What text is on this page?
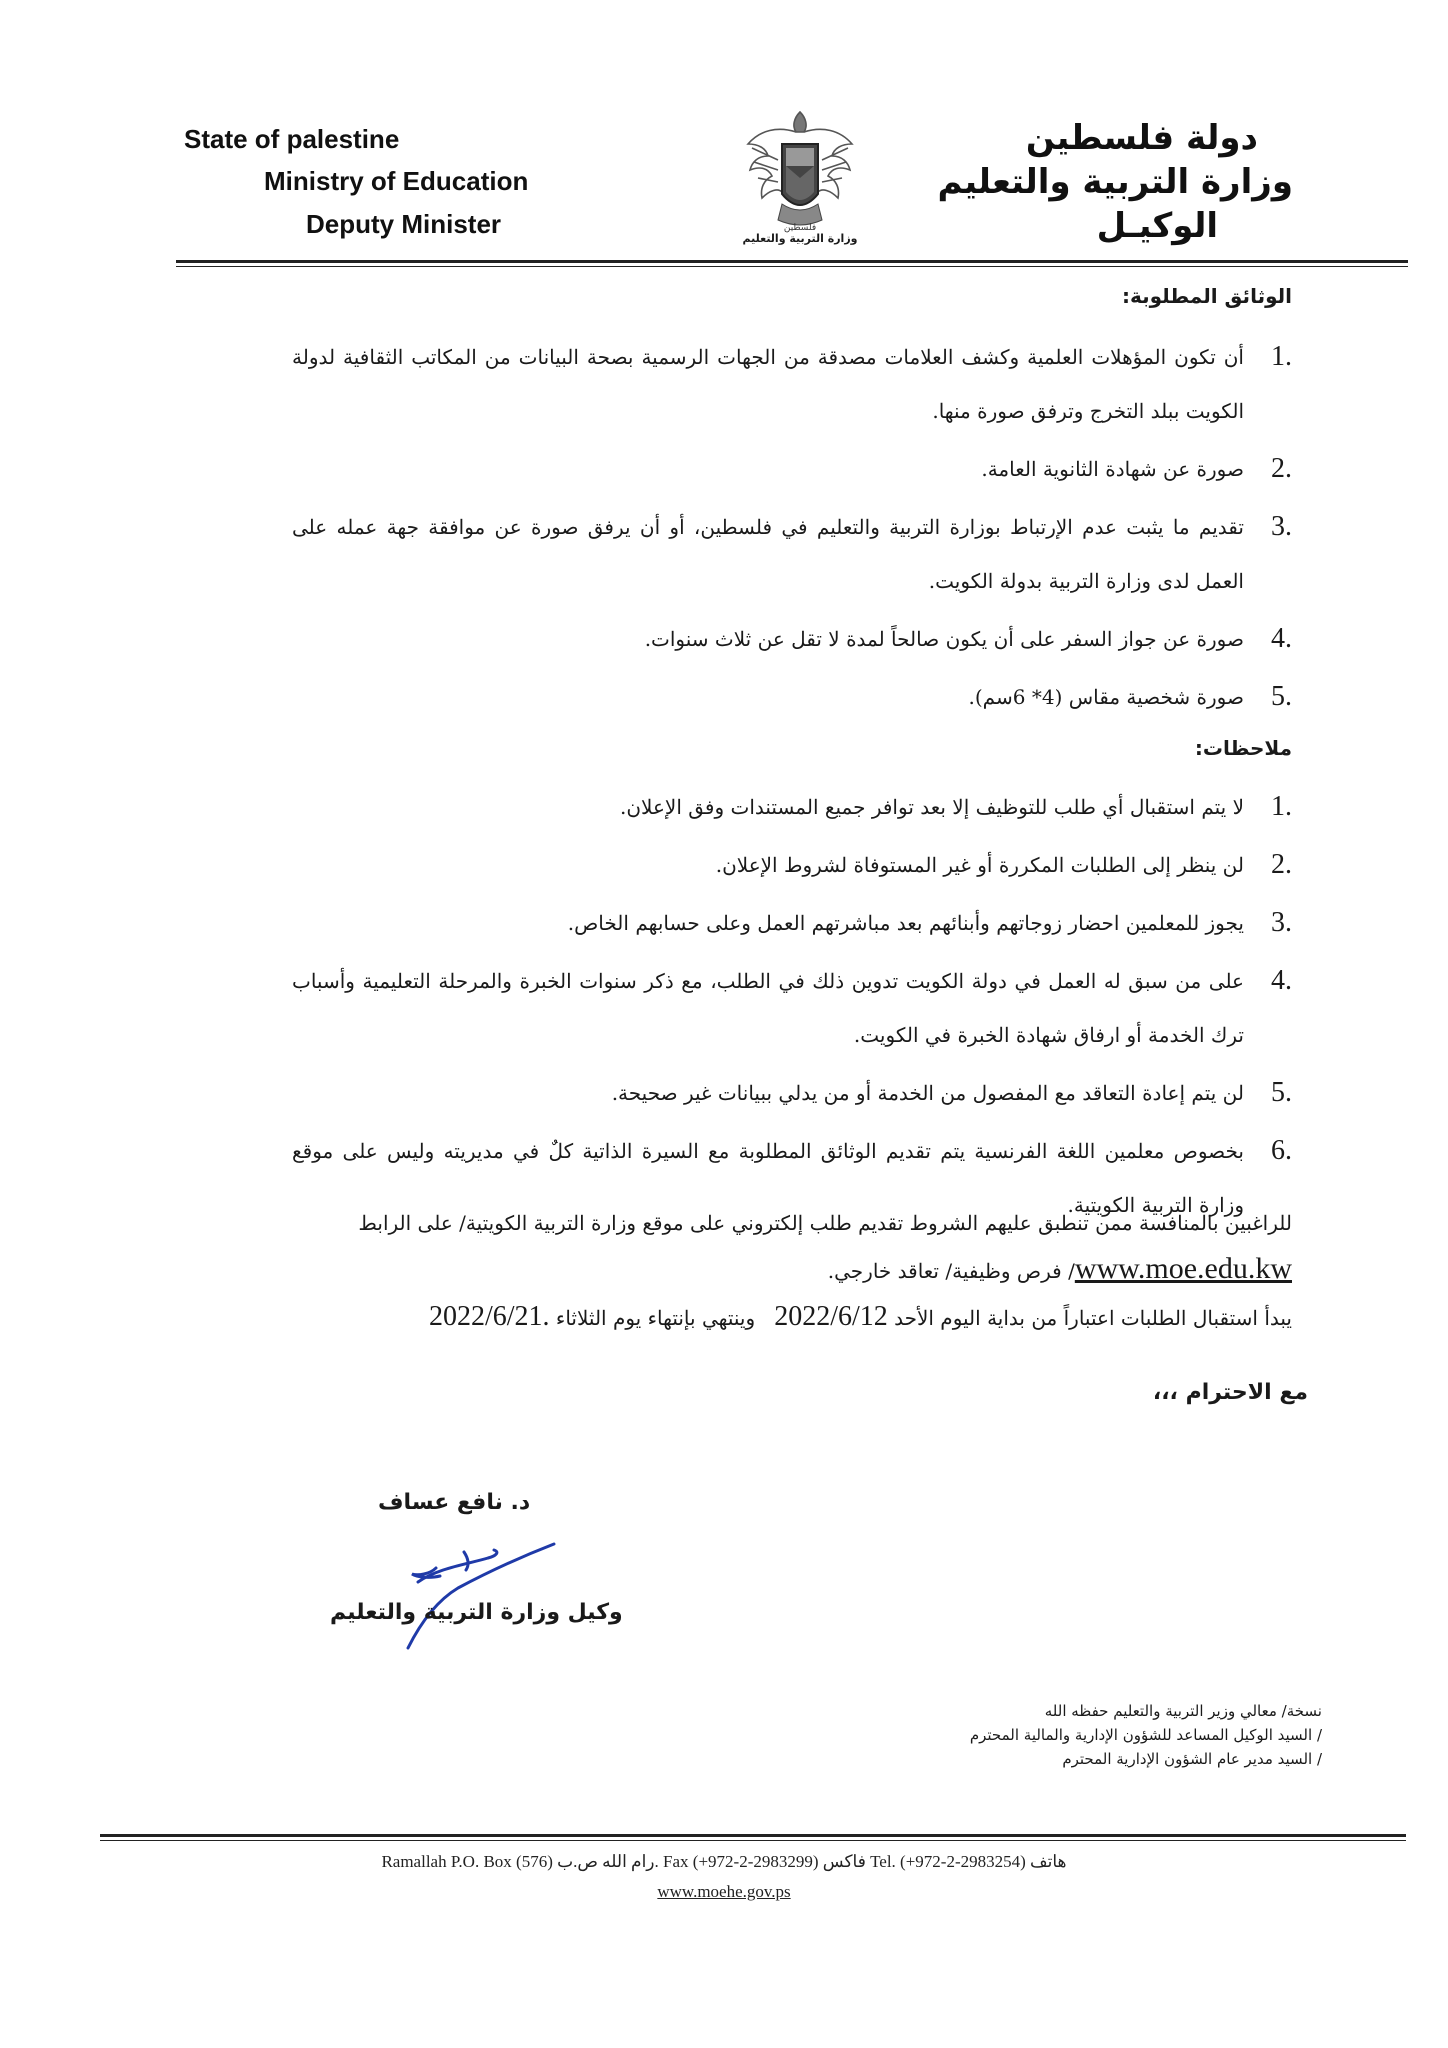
State of palestine
Ministry of Education
Deputy Minister	فلسطين
وزارة التربية والتعليم
دولة فلسطين
وزارة التربية والتعليم
الوكيـل
الوثائق المطلوبة:
1.
أن تكون المؤهلات العلمية وكشف العلامات مصدقة من الجهات الرسمية بصحة البيانات من المكاتب الثقافية لدولة الكويت ببلد التخرج وترفق صورة منها.
2.
صورة عن شهادة الثانوية العامة.
3.
تقديم ما يثبت عدم الإرتباط بوزارة التربية والتعليم في فلسطين، أو أن يرفق صورة عن موافقة جهة عمله على العمل لدى وزارة التربية بدولة الكويت.
4.
صورة عن جواز السفر على أن يكون صالحاً لمدة لا تقل عن ثلاث سنوات.
5.
صورة شخصية مقاس (4* 6سم).
ملاحظات:
1.
لا يتم استقبال أي طلب للتوظيف إلا بعد توافر جميع المستندات وفق الإعلان.
2.
لن ينظر إلى الطلبات المكررة أو غير المستوفاة لشروط الإعلان.
3.
يجوز للمعلمين احضار زوجاتهم وأبنائهم بعد مباشرتهم العمل وعلى حسابهم الخاص.
4.
على من سبق له العمل في دولة الكويت تدوين ذلك في الطلب، مع ذكر سنوات الخبرة والمرحلة التعليمية وأسباب ترك الخدمة أو ارفاق شهادة الخبرة في الكويت.
5.
لن يتم إعادة التعاقد مع المفصول من الخدمة أو من يدلي ببيانات غير صحيحة.
6.
بخصوص معلمين اللغة الفرنسية يتم تقديم الوثائق المطلوبة مع السيرة الذاتية كلٌ في مديريته وليس على موقع وزارة التربية الكويتية.
للراغبين بالمنافسة ممن تنطبق عليهم الشروط تقديم طلب إلكتروني على موقع وزارة التربية الكويتية/ على الرابط
www.moe.edu.kw/ فرص وظيفية/ تعاقد خارجي.
يبدأ استقبال الطلبات اعتباراً من بداية اليوم الأحد 2022/6/12   وينتهي بإنتهاء يوم الثلاثاء 2022/6/21.
مع الاحترام ،،،
د. نافع عساف
وكيل وزارة التربية والتعليم
نسخة/ معالي وزير التربية والتعليم حفظه الله
/ السيد الوكيل المساعد للشؤون الإدارية والمالية المحترم
/ السيد مدير عام الشؤون الإدارية المحترم
Ramallah P.O. Box (576) رام الله ص.ب. Fax (+972-2-2983299) فاكس Tel. (+972-2-2983254) هاتف
www.moehe.gov.ps
